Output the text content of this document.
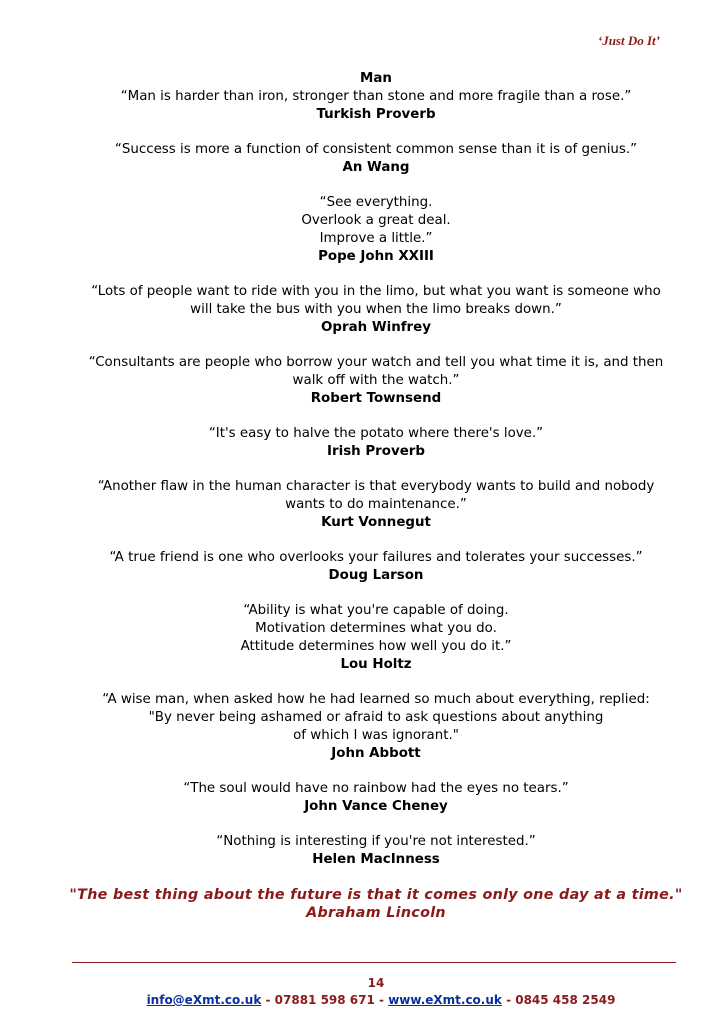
‘Just Do It’
Man
“Man is harder than iron, stronger than stone and more fragile than a rose.”
Turkish Proverb
“Success is more a function of consistent common sense than it is of genius.”
An Wang
“See everything.
Overlook a great deal.
Improve a little.”
Pope John XXIII
“Lots of people want to ride with you in the limo, but what you want is someone who
will take the bus with you when the limo breaks down.”
Oprah Winfrey
“Consultants are people who borrow your watch and tell you what time it is, and then
walk off with the watch.”
Robert Townsend
“It's easy to halve the potato where there's love.”
Irish Proverb
“Another flaw in the human character is that everybody wants to build and nobody
wants to do maintenance.”
Kurt Vonnegut
“A true friend is one who overlooks your failures and tolerates your successes.”
Doug Larson
“Ability is what you're capable of doing.
Motivation determines what you do.
Attitude determines how well you do it.”
Lou Holtz
“A wise man, when asked how he had learned so much about everything, replied:
"By never being ashamed or afraid to ask questions about anything
of which I was ignorant."
John Abbott
“The soul would have no rainbow had the eyes no tears.”
John Vance Cheney
“Nothing is interesting if you're not interested.”
Helen MacInness
"The best thing about the future is that it comes only one day at a time."
Abraham Lincoln
14
info@eXmt.co.uk - 07881 598 671 - www.eXmt.co.uk - 0845 458 2549
